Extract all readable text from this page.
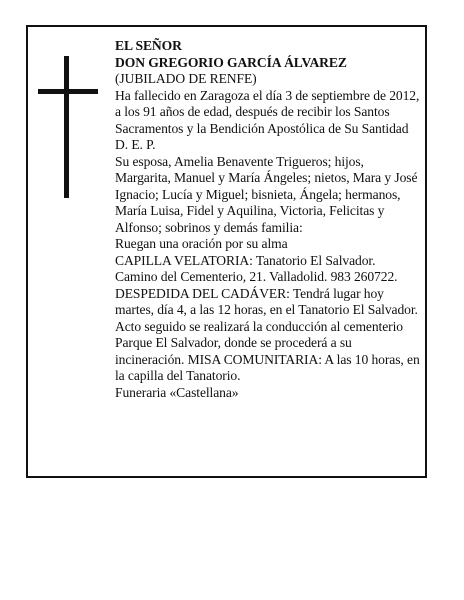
EL SEÑOR

DON GREGORIO GARCÍA ÁLVAREZ

(JUBILADO DE RENFE)

Ha fallecido en Zaragoza el día 3 de septiembre de 2012, a los 91 años de edad, después de recibir los Santos Sacramentos y la Bendición Apostólica de Su Santidad

D. E. P.

Su esposa, Amelia Benavente Trigueros; hijos, Margarita, Manuel y María Ángeles; nietos, Mara y José Ignacio; Lucía y Miguel; bisnieta, Ángela; hermanos, María Luisa, Fidel y Aquilina, Victoria, Felicitas y Alfonso; sobrinos y demás familia:

Ruegan una oración por su alma

CAPILLA VELATORIA: Tanatorio El Salvador. Camino del Cementerio, 21. Valladolid. 983 260722.

DESPEDIDA DEL CADÁVER: Tendrá lugar hoy martes, día 4, a las 12 horas, en el Tanatorio El Salvador. Acto seguido se realizará la conducción al cementerio Parque El Salvador, donde se procederá a su incineración. MISA COMUNITARIA: A las 10 horas, en la capilla del Tanatorio.

Funeraria «Castellana»
